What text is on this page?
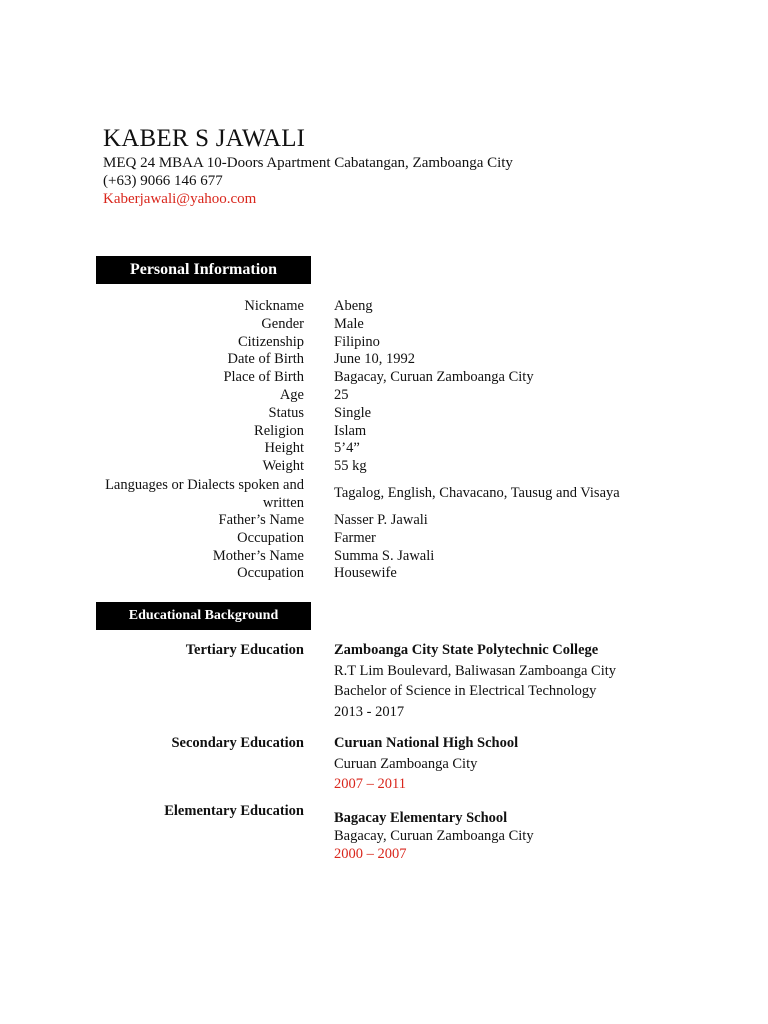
KABER S JAWALI
MEQ 24 MBAA 10-Doors Apartment Cabatangan, Zamboanga City
(+63) 9066 146 677
Kaberjawali@yahoo.com
Personal Information
Nickname Abeng
Gender Male
Citizenship Filipino
Date of Birth June 10, 1992
Place of Birth Bagacay, Curuan Zamboanga City
Age 25
Status Single
Religion Islam
Height 5’4”
Weight 55 kg
Languages or Dialects spoken and written
Tagalog, English, Chavacano, Tausug and Visaya
Father’s Name Nasser P. Jawali
Occupation Farmer
Mother’s Name Summa S. Jawali
Occupation Housewife
Educational Background
Tertiary Education Zamboanga City State Polytechnic College
R.T Lim Boulevard, Baliwasan Zamboanga City
Bachelor of Science in Electrical Technology
2013 - 2017
Secondary Education Curuan National High School
Curuan Zamboanga City
2007 – 2011
Elementary Education Bagacay Elementary School
Bagacay, Curuan Zamboanga City
2000 – 2007
